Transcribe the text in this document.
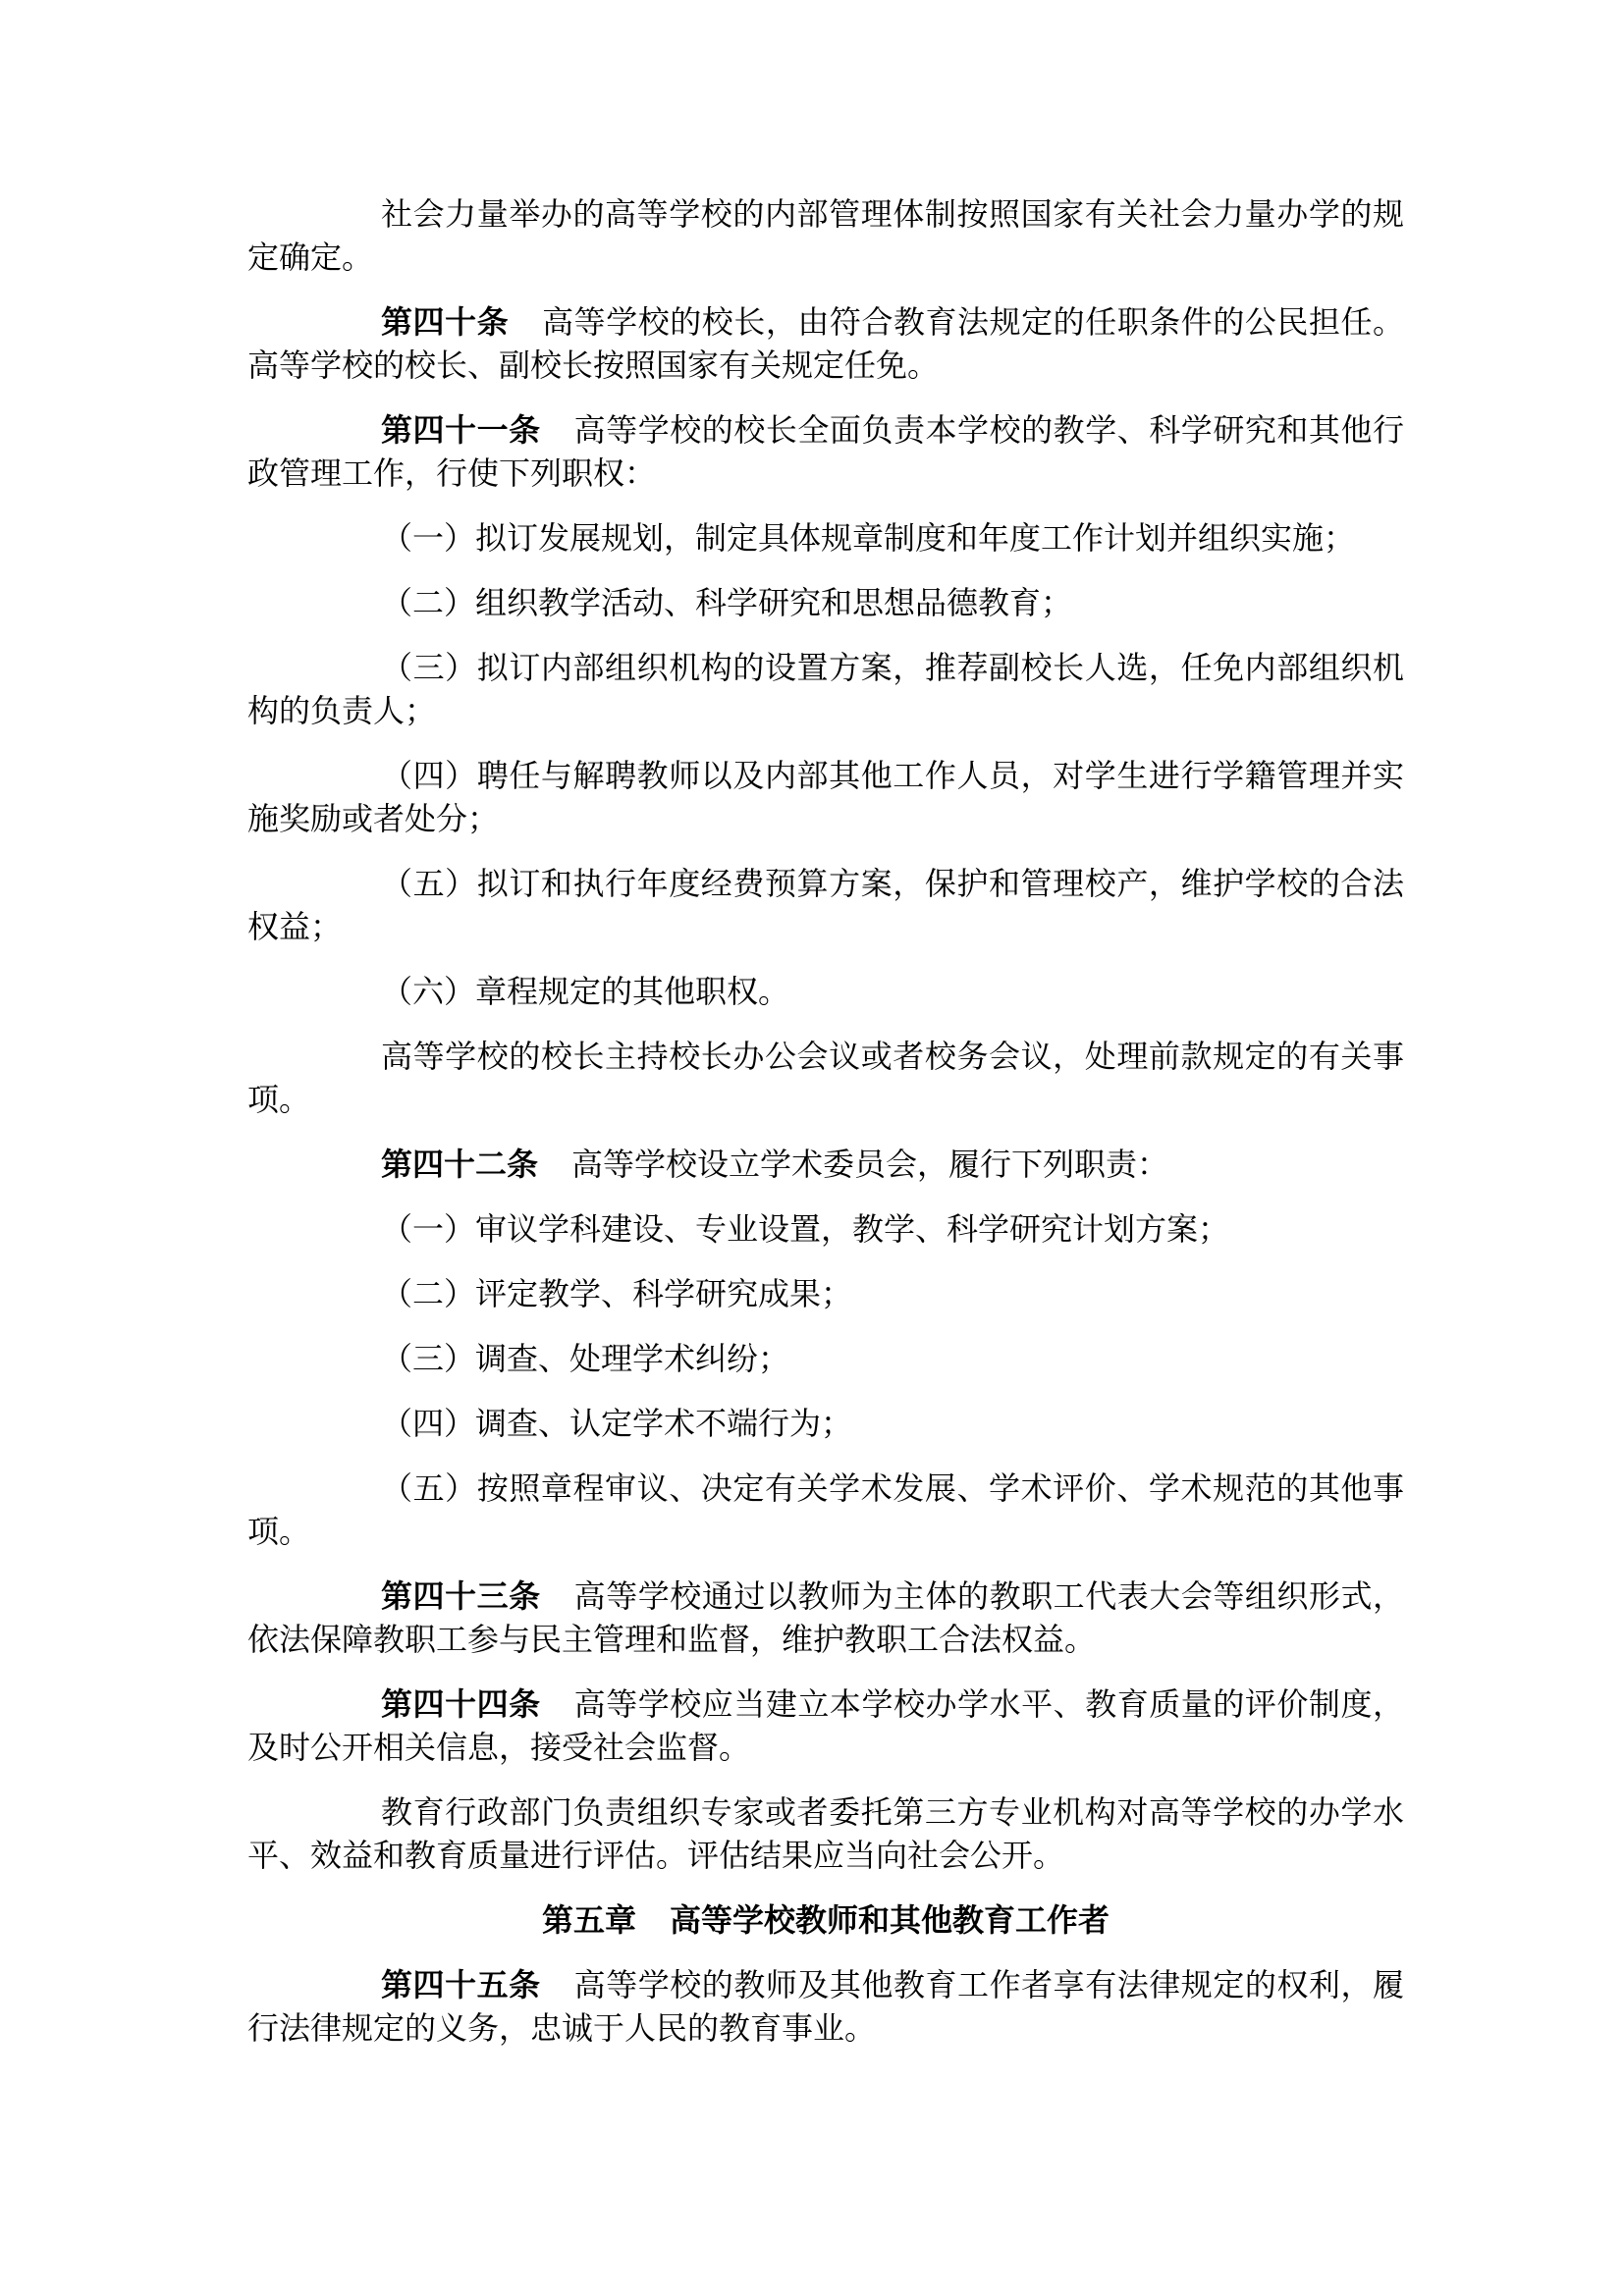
社会力量举办的高等学校的内部管理体制按照国家有关社会力量办学的规定确定。

第四十条 高等学校的校长，由符合教育法规定的任职条件的公民担任。高等学校的校长、副校长按照国家有关规定任免。

第四十一条 高等学校的校长全面负责本学校的教学、科学研究和其他行政管理工作，行使下列职权：

（一）拟订发展规划，制定具体规章制度和年度工作计划并组织实施；

（二）组织教学活动、科学研究和思想品德教育；

（三）拟订内部组织机构的设置方案，推荐副校长人选，任免内部组织机构的负责人；

（四）聘任与解聘教师以及内部其他工作人员，对学生进行学籍管理并实施奖励或者处分；

（五）拟订和执行年度经费预算方案，保护和管理校产，维护学校的合法权益；

（六）章程规定的其他职权。

高等学校的校长主持校长办公会议或者校务会议，处理前款规定的有关事项。

第四十二条 高等学校设立学术委员会，履行下列职责：

（一）审议学科建设、专业设置，教学、科学研究计划方案；

（二）评定教学、科学研究成果；

（三）调查、处理学术纠纷；

（四）调查、认定学术不端行为；

（五）按照章程审议、决定有关学术发展、学术评价、学术规范的其他事项。

第四十三条 高等学校通过以教师为主体的教职工代表大会等组织形式，依法保障教职工参与民主管理和监督，维护教职工合法权益。

第四十四条 高等学校应当建立本学校办学水平、教育质量的评价制度，及时公开相关信息，接受社会监督。

教育行政部门负责组织专家或者委托第三方专业机构对高等学校的办学水平、效益和教育质量进行评估。评估结果应当向社会公开。

第五章 高等学校教师和其他教育工作者

第四十五条 高等学校的教师及其他教育工作者享有法律规定的权利，履行法律规定的义务，忠诚于人民的教育事业。
